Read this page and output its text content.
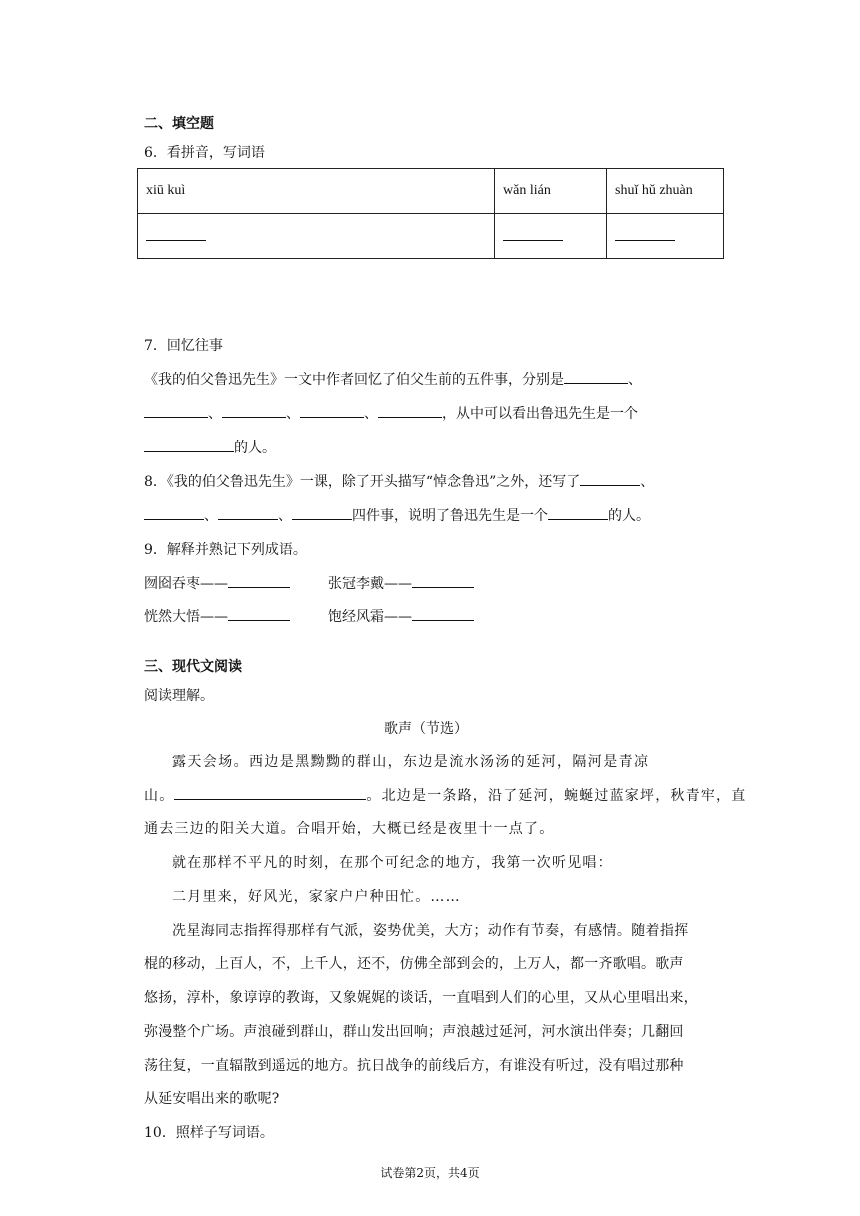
二、填空题
6．看拼音，写词语
xiū kuì	wǎn lián	shuǐ hǔ zhuàn

7．回忆往事
《我的伯父鲁迅先生》一文中作者回忆了伯父生前的五件事，分别是	、
、	、	、	，从中可以看出鲁迅先生是一个
的人。
8．《我的伯父鲁迅先生》一课，除了开头描写“悼念鲁迅”之外，还写了	、
、	、	四件事，说明了鲁迅先生是一个	的人。
9．解释并熟记下列成语。
囫囵吞枣——	张冠李戴——
恍然大悟——	饱经风霜——
三、现代文阅读
阅读理解。
歌声（节选）
露天会场。西边是黑黝黝的群山，东边是流水汤汤的延河，隔河是青凉
山。	。北边是一条路，沿了延河，蜿蜒过蓝家坪，秋青牢，直
通去三边的阳关大道。合唱开始，大概已经是夜里十一点了。
就在那样不平凡的时刻，在那个可纪念的地方，我第一次听见唱：
二月里来，好风光，家家户户种田忙。……
冼星海同志指挥得那样有气派，姿势优美，大方；动作有节奏，有感情。随着指挥
棍的移动，上百人，不，上千人，还不，仿佛全部到会的，上万人，都一齐歌唱。歌声
悠扬，淳朴，象谆谆的教诲，又象娓娓的谈话，一直唱到人们的心里，又从心里唱出来，
弥漫整个广场。声浪碰到群山，群山发出回响；声浪越过延河，河水演出伴奏；几翻回
荡往复，一直辐散到遥远的地方。抗日战争的前线后方，有谁没有听过，没有唱过那种
从延安唱出来的歌呢?
10．照样子写词语。
试卷第2页，共4页
